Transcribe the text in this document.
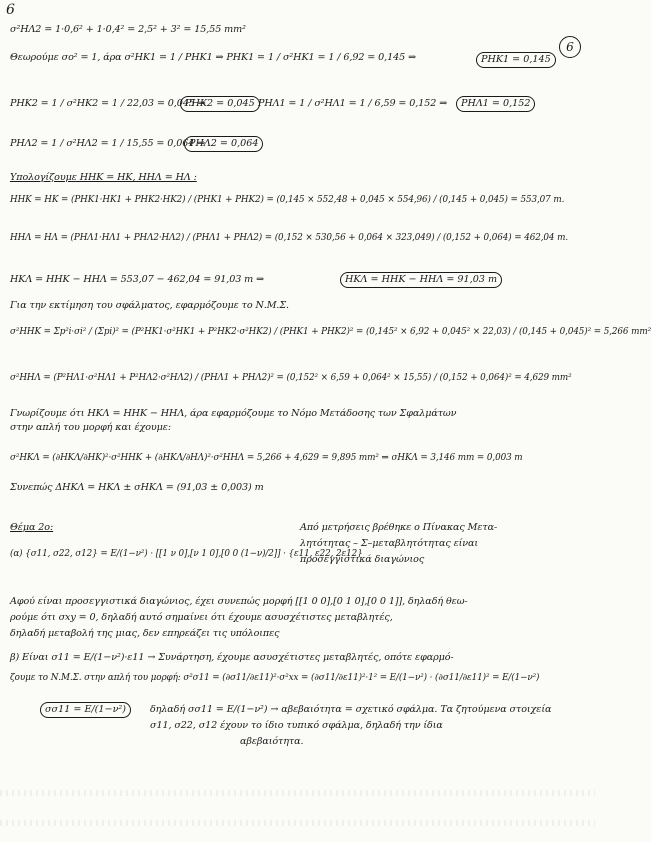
6
6
σ²ΗΛ2 = 1·0,6² + 1·0,4² = 2,5² + 3² = 15,55 mm²
Θεωρούμε σο² = 1, άρα σ²HK1 = 1 / PHK1 ⇒ PHK1 = 1 / σ²HK1 = 1 / 6,92 = 0,145 ⇒	PHK1 = 0,145
PHK2 = 1 / σ²HK2 = 1 / 22,03 = 0,045 ⇒
PHK2 = 0,045 PHΛ1 = 1 / σ²HΛ1 = 1 / 6,59 = 0,152 ⇒	PHΛ1 = 0,152
PHΛ2 = 1 / σ²HΛ2 = 1 / 15,55 = 0,064 ⇒
PHΛ2 = 0,064
Υπολογίζουμε ΗΗΚ = ΗΚ, ΗΗΛ = ΗΛ :
ΗΗΚ = ΗΚ = (PHK1·HK1 + PHK2·HK2) / (PHK1 + PHK2) = (0,145 × 552,48 + 0,045 × 554,96) / (0,145 + 0,045) = 553,07 m.
ΗΗΛ = ΗΛ = (PHΛ1·HΛ1 + PHΛ2·HΛ2) / (PHΛ1 + PHΛ2) = (0,152 × 530,56 + 0,064 × 323,049) / (0,152 + 0,064) = 462,04 m.
ΗΚΛ = ΗΗΚ − ΗΗΛ = 553,07 − 462,04 = 91,03 m ⇒	ΗΚΛ = ΗΗΚ − ΗΗΛ = 91,03 m
Για την εκτίμηση του σφάλματος, εφαρμόζουμε το Ν.Μ.Σ.
σ²ΗΗΚ = Σp²i·σi² / (Σpi)² = (P²HK1·σ²HK1 + P²HK2·σ²HK2) / (PHK1 + PHK2)² = (0,145² × 6,92 + 0,045² × 22,03) / (0,145 + 0,045)² = 5,266 mm²
σ²ΗΗΛ = (P²HΛ1·σ²HΛ1 + P²HΛ2·σ²HΛ2) / (PHΛ1 + PHΛ2)² = (0,152² × 6,59 + 0,064² × 15,55) / (0,152 + 0,064)² = 4,629 mm²
Γνωρίζουμε ότι ΗΚΛ = ΗΗΚ − ΗΗΛ, άρα εφαρμόζουμε το Νόμο Μετάδοσης των Σφαλμάτων
στην απλή του μορφή και έχουμε:
σ²ΗΚΛ = (∂ΗΚΛ/∂ΗΚ)²·σ²ΗΗΚ + (∂ΗΚΛ/∂ΗΛ)²·σ²ΗΗΛ = 5,266 + 4,629 = 9,895 mm² ⇒ σΗΚΛ = 3,146 mm = 0,003 m
Συνεπώς ΔΗΚΛ = ΗΚΛ ± σΗΚΛ = (91,03 ± 0,003) m
Θέμα 2ο:
(α) {σ11, σ22, σ12} = E/(1−ν²) · [[1 ν 0],[ν 1 0],[0 0 (1−ν)/2]] · {ε11, ε22, 2ε12}
Από μετρήσεις βρέθηκε ο Πίνακας Μετα-
λητότητας – Σ–μεταβλητότητας είναι
προσεγγιστικά διαγώνιος
Αφού είναι προσεγγιστικά διαγώνιος, έχει συνεπώς μορφή [[1 0 0],[0 1 0],[0 0 1]], δηλαδή θεω-
ρούμε ότι σxy = 0, δηλαδή αυτό σημαίνει ότι έχουμε ασυσχέτιστες μεταβλητές,
δηλαδή μεταβολή της μιας, δεν επηρεάζει τις υπόλοιπες
β) Είναι σ11 = E/(1−ν²)·ε11 → Συνάρτηση, έχουμε ασυσχέτιστες μεταβλητές, οπότε εφαρμό-
ζουμε το Ν.Μ.Σ. στην απλή του μορφή: σ²σ11 = (∂σ11/∂ε11)²·σ²xx = (∂σ11/∂ε11)²·1² = E/(1−ν²) · (∂σ11/∂ε11)² = E/(1−ν²)
σσ11 = E/(1−ν²)	δηλαδή σσ11 = E/(1−ν²) → αβεβαιότητα = σχετικό σφάλμα. Τα ζητούμενα στοιχεία
σ11, σ22, σ12 έχουν το ίδιο τυπικό σφάλμα, δηλαδή την ίδια
αβεβαιότητα.
